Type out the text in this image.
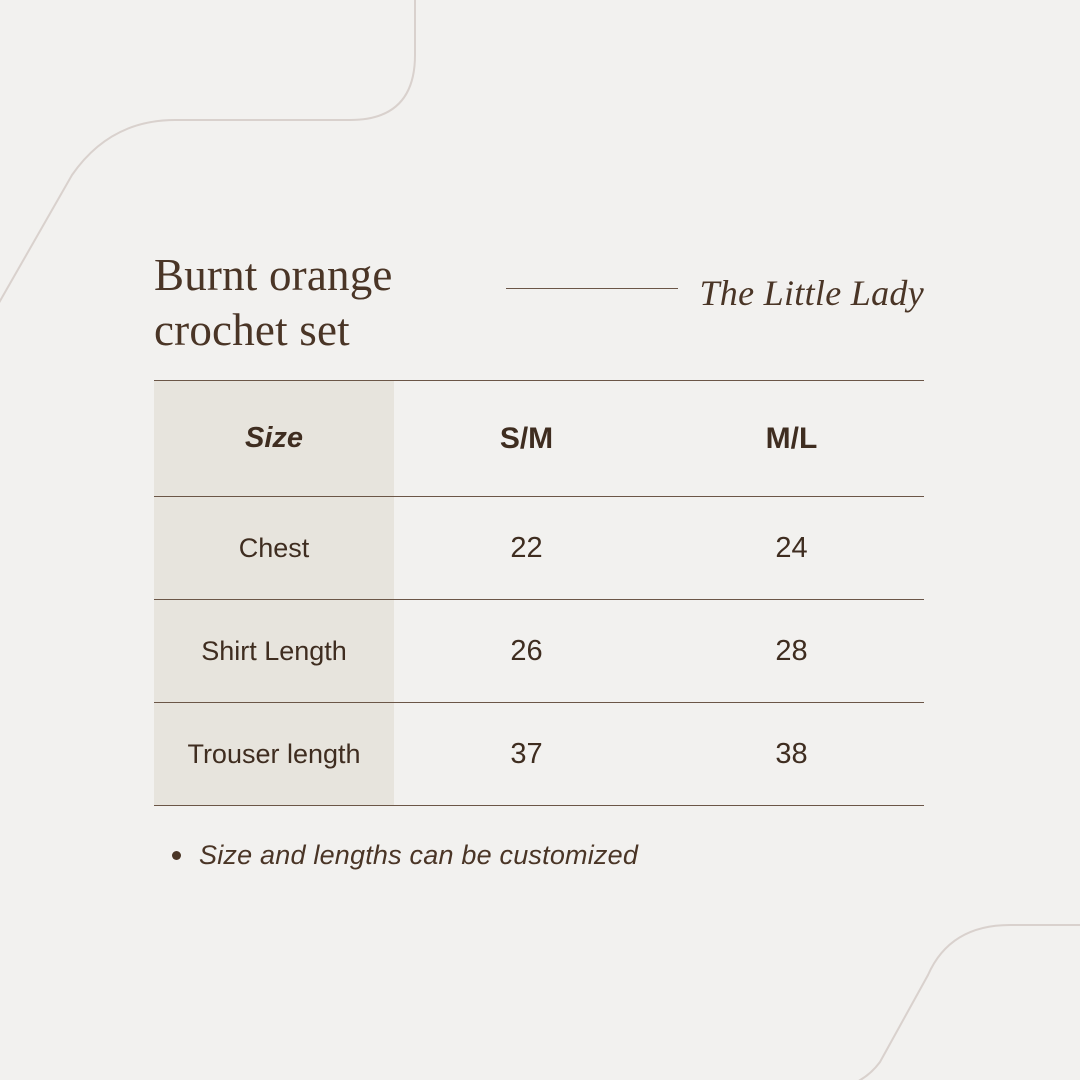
Burnt orange crochet set
The Little Lady
Size	S/M	M/L
Chest	22	24
Shirt Length	26	28
Trouser length	37	38
Size and lengths can be customized
